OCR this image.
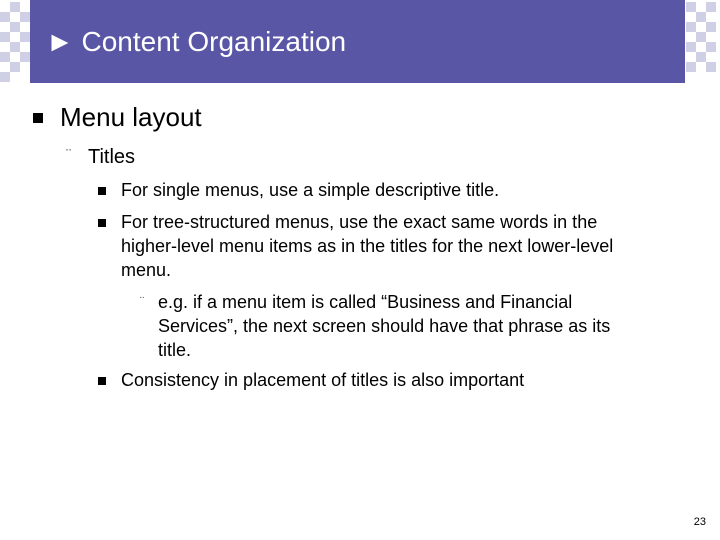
► Content Organization
Menu layout
¨ Titles
For single menus, use a simple descriptive title.
For tree-structured menus, use the exact same words in the
higher-level menu items as in the titles for the next lower-level
menu.
¨ e.g. if a menu item is called “Business and Financial
Services”, the next screen should have that phrase as its
title.
Consistency in placement of titles is also important
23
